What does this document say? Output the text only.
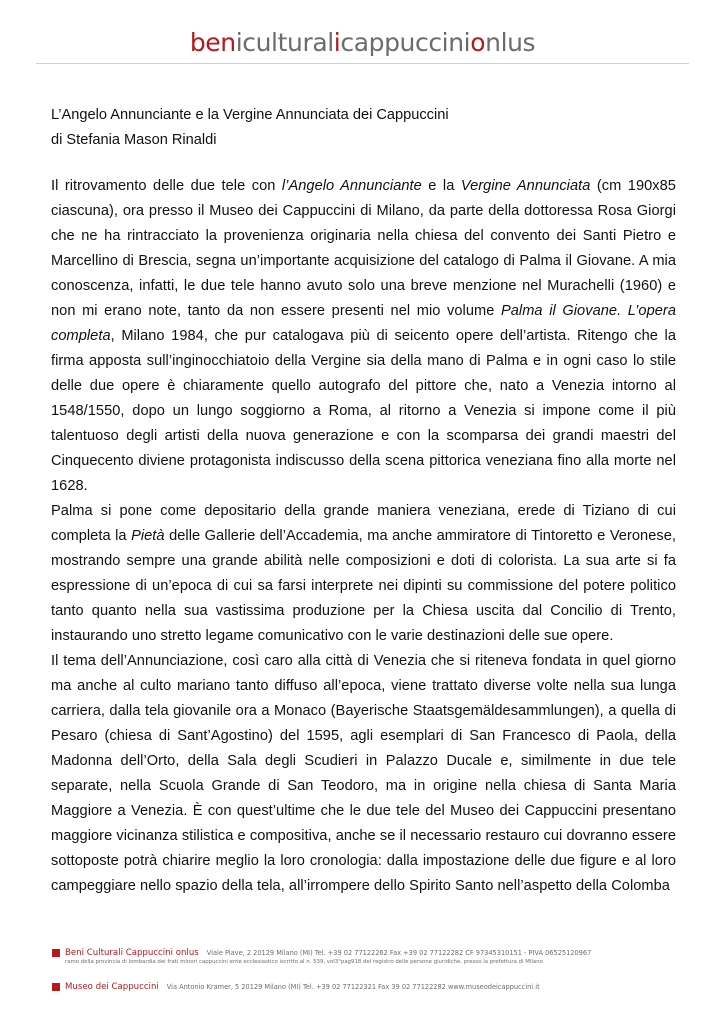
beniculturalicappuccinionlus
L’Angelo Annunciante e la Vergine Annunciata dei Cappuccini
di Stefania Mason Rinaldi

Il ritrovamento delle due tele con l’Angelo Annunciante e la Vergine Annunciata (cm 190x85 ciascuna), ora presso il Museo dei Cappuccini di Milano, da parte della dottoressa Rosa Giorgi che ne ha rintracciato la provenienza originaria nella chiesa del convento dei Santi Pietro e Marcellino di Brescia, segna un’importante acquisizione del catalogo di Palma il Giovane. A mia conoscenza, infatti, le due tele hanno avuto solo una breve menzione nel Murachelli (1960) e non mi erano note, tanto da non essere presenti nel mio volume Palma il Giovane. L’opera completa, Milano 1984, che pur catalogava più di seicento opere dell’artista. Ritengo che la firma apposta sull’inginocchiatoio della Vergine sia della mano di Palma e in ogni caso lo stile delle due opere è chiaramente quello autografo del pittore che, nato a Venezia intorno al 1548/1550, dopo un lungo soggiorno a Roma, al ritorno a Venezia si impone come il più talentuoso degli artisti della nuova generazione e con la scomparsa dei grandi maestri del Cinquecento diviene protagonista indiscusso della scena pittorica veneziana fino alla morte nel 1628.

Palma si pone come depositario della grande maniera veneziana, erede di Tiziano di cui completa la Pietà delle Gallerie dell’Accademia, ma anche ammiratore di Tintoretto e Veronese, mostrando sempre una grande abilità nelle composizioni e doti di colorista. La sua arte si fa espressione di un’epoca di cui sa farsi interprete nei dipinti su commissione del potere politico tanto quanto nella sua vastissima produzione per la Chiesa uscita dal Concilio di Trento, instaurando uno stretto legame comunicativo con le varie destinazioni delle sue opere.

Il tema dell’Annunciazione, così caro alla città di Venezia che si riteneva fondata in quel giorno ma anche al culto mariano tanto diffuso all’epoca, viene trattato diverse volte nella sua lunga carriera, dalla tela giovanile ora a Monaco (Bayerische Staatsgemäldesammlungen), a quella di Pesaro (chiesa di Sant’Agostino) del 1595, agli esemplari di San Francesco di Paola, della Madonna dell’Orto, della Sala degli Scudieri in Palazzo Ducale e, similmente in due tele separate, nella Scuola Grande di San Teodoro, ma in origine nella chiesa di Santa Maria Maggiore a Venezia. È con quest’ultime che le due tele del Museo dei Cappuccini presentano maggiore vicinanza stilistica e compositiva, anche se il necessario restauro cui dovranno essere sottoposte potrà chiarire meglio la loro cronologia: dalla impostazione delle due figure e al loro campeggiare nello spazio della tela, all’irrompere dello Spirito Santo nell’aspetto della Colomba

Beni Culturali Cappuccini onlus Viale Piave, 2 20129 Milano (MI) Tel. +39 02 77122262 Fax +39 02 77122282 CF 97345310151 - PIVA 06525120967
ramo della provincia di lombardia dei frati minori cappuccini ente ecclesiastico iscritto al n. 539, vol3°pag918 del registro delle persone giuridiche, presso la prefettura di Milano
Museo dei Cappuccini Via Antonio Kramer, 5 20129 Milano (MI) Tel. +39 02 77122321 Fax 39 02 77122282 www.museodeicappuccini.it
